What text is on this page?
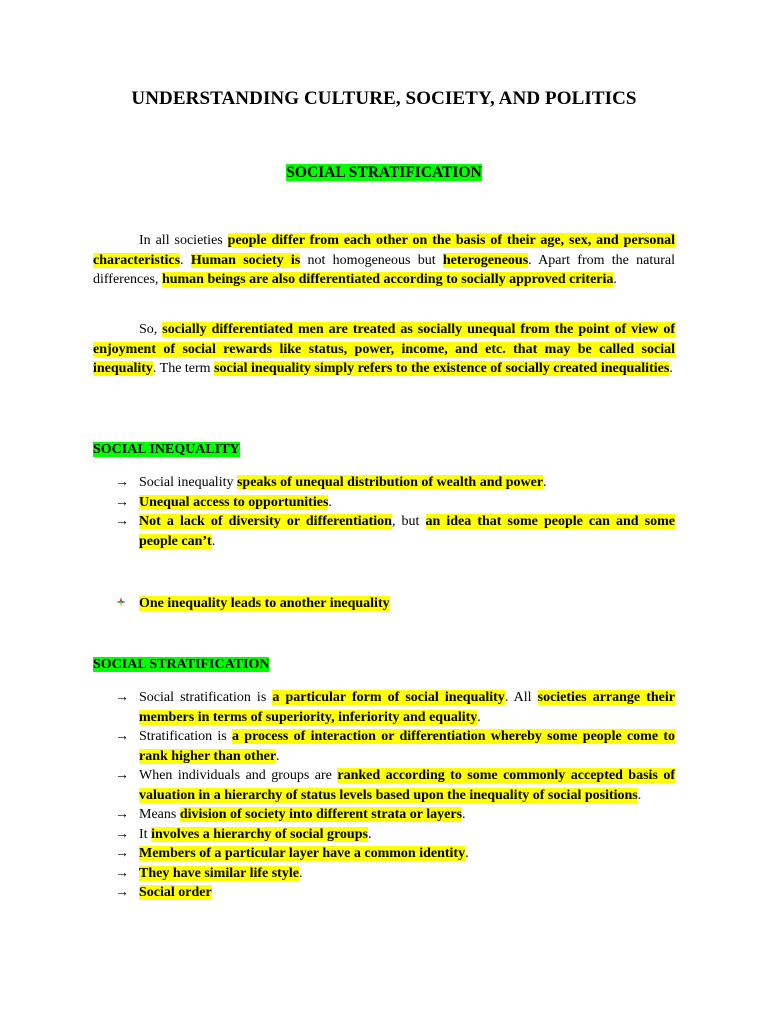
UNDERSTANDING CULTURE, SOCIETY, AND POLITICS
SOCIAL STRATIFICATION

In all societies people differ from each other on the basis of their age, sex, and personal characteristics. Human society is not homogeneous but heterogeneous. Apart from the natural differences, human beings are also differentiated according to socially approved criteria.

So, socially differentiated men are treated as socially unequal from the point of view of enjoyment of social rewards like status, power, income, and etc. that may be called social inequality. The term social inequality simply refers to the existence of socially created inequalities.

SOCIAL INEQUALITY
→ Social inequality speaks of unequal distribution of wealth and power.
→ Unequal access to opportunities.
→ Not a lack of diversity or differentiation, but an idea that some people can and some people can’t.
One inequality leads to another inequality
SOCIAL STRATIFICATION
→ Social stratification is a particular form of social inequality. All societies arrange their members in terms of superiority, inferiority and equality.
→ Stratification is a process of interaction or differentiation whereby some people come to rank higher than other.
→ When individuals and groups are ranked according to some commonly accepted basis of valuation in a hierarchy of status levels based upon the inequality of social positions.
→ Means division of society into different strata or layers.
→ It involves a hierarchy of social groups.
→ Members of a particular layer have a common identity.
→ They have similar life style.
→ Social order
